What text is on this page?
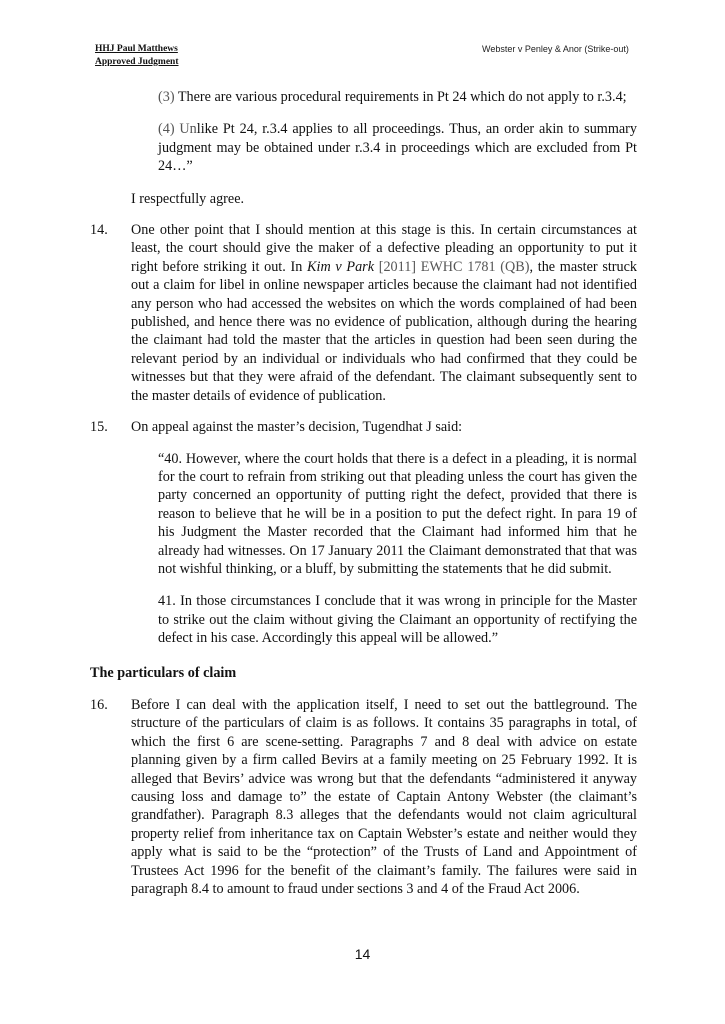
HHJ Paul Matthews
Approved Judgment
Webster v Penley & Anor (Strike-out)
(3) There are various procedural requirements in Pt 24 which do not apply to r.3.4;
(4) Unlike Pt 24, r.3.4 applies to all proceedings. Thus, an order akin to summary judgment may be obtained under r.3.4 in proceedings which are excluded from Pt 24…”
I respectfully agree.
14. One other point that I should mention at this stage is this. In certain circumstances at least, the court should give the maker of a defective pleading an opportunity to put it right before striking it out. In Kim v Park [2011] EWHC 1781 (QB), the master struck out a claim for libel in online newspaper articles because the claimant had not identified any person who had accessed the websites on which the words complained of had been published, and hence there was no evidence of publication, although during the hearing the claimant had told the master that the articles in question had been seen during the relevant period by an individual or individuals who had confirmed that they could be witnesses but that they were afraid of the defendant. The claimant subsequently sent to the master details of evidence of publication.
15. On appeal against the master’s decision, Tugendhat J said:
“40. However, where the court holds that there is a defect in a pleading, it is normal for the court to refrain from striking out that pleading unless the court has given the party concerned an opportunity of putting right the defect, provided that there is reason to believe that he will be in a position to put the defect right. In para 19 of his Judgment the Master recorded that the Claimant had informed him that he already had witnesses. On 17 January 2011 the Claimant demonstrated that that was not wishful thinking, or a bluff, by submitting the statements that he did submit.
41. In those circumstances I conclude that it was wrong in principle for the Master to strike out the claim without giving the Claimant an opportunity of rectifying the defect in his case. Accordingly this appeal will be allowed.”
The particulars of claim
16. Before I can deal with the application itself, I need to set out the battleground. The structure of the particulars of claim is as follows. It contains 35 paragraphs in total, of which the first 6 are scene-setting. Paragraphs 7 and 8 deal with advice on estate planning given by a firm called Bevirs at a family meeting on 25 February 1992. It is alleged that Bevirs’ advice was wrong but that the defendants “administered it anyway causing loss and damage to” the estate of Captain Antony Webster (the claimant’s grandfather). Paragraph 8.3 alleges that the defendants would not claim agricultural property relief from inheritance tax on Captain Webster’s estate and neither would they apply what is said to be the “protection” of the Trusts of Land and Appointment of Trustees Act 1996 for the benefit of the claimant’s family. The failures were said in paragraph 8.4 to amount to fraud under sections 3 and 4 of the Fraud Act 2006.
14
